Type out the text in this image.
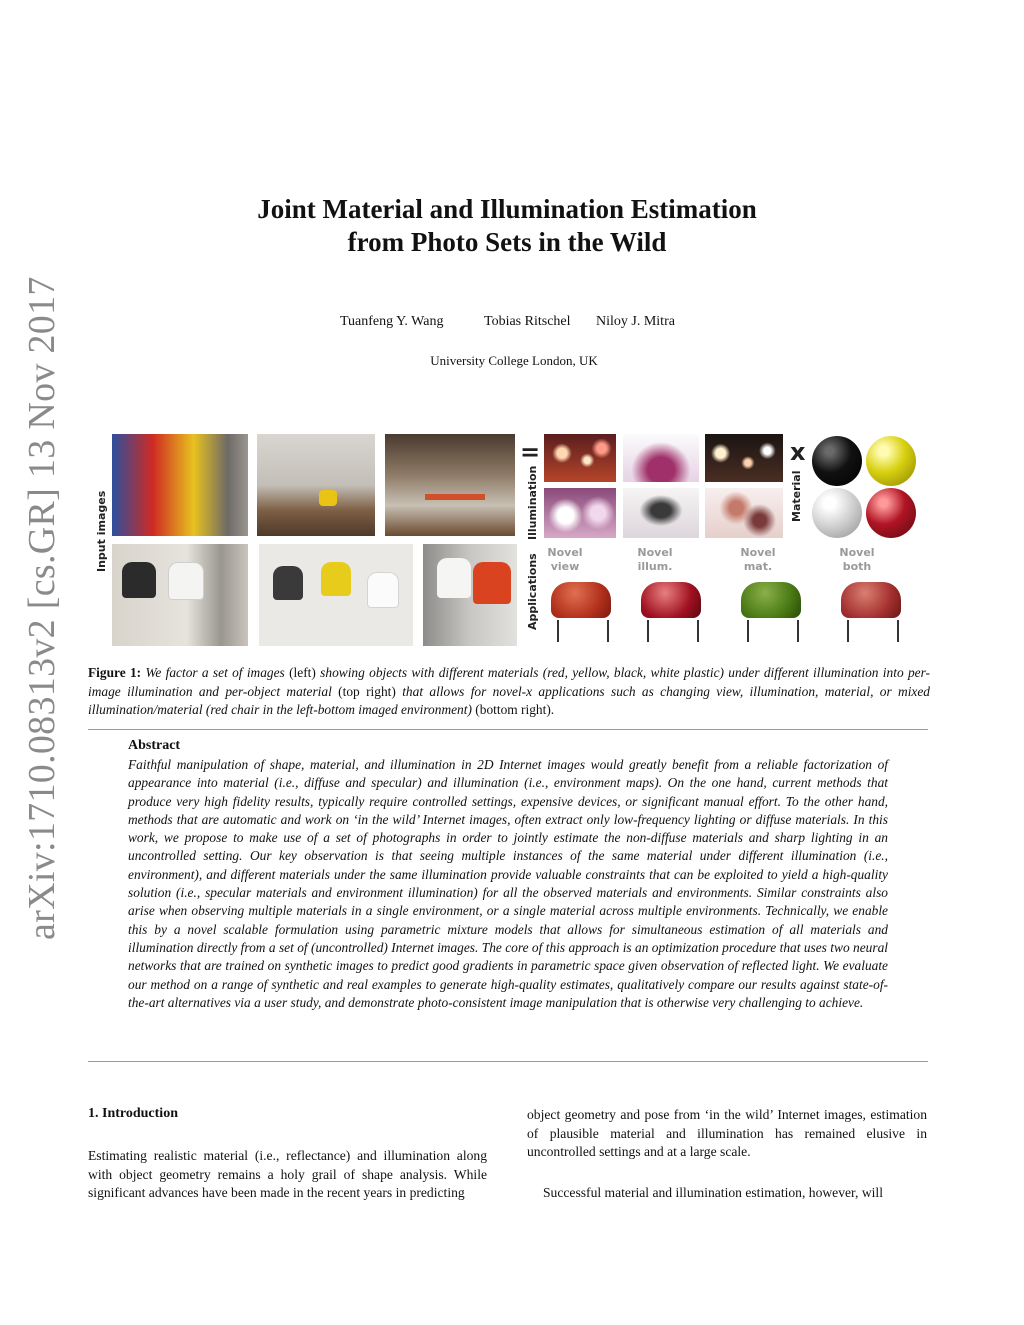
arXiv:1710.08313v2 [cs.GR] 13 Nov 2017
Joint Material and Illumination Estimation
from Photo Sets in the Wild
Tuanfeng Y. Wang	Tobias Ritschel Niloy J. Mitra
University College London, UK
Input images
=
Illumination
x
Material
Applications
Novel
view
Novel
illum.
Novel
mat.
Novel
both
Figure 1: We factor a set of images (left) showing objects with different materials (red, yellow, black, white plastic) under different illumination into per-image illumination and per-object material (top right) that allows for novel-x applications such as changing view, illumination, material, or mixed illumination/material (red chair in the left-bottom imaged environment) (bottom right).
Abstract
Faithful manipulation of shape, material, and illumination in 2D Internet images would greatly benefit from a reliable factorization of appearance into material (i.e., diffuse and specular) and illumination (i.e., environment maps). On the one hand, current methods that produce very high fidelity results, typically require controlled settings, expensive devices, or significant manual effort. To the other hand, methods that are automatic and work on ‘in the wild’ Internet images, often extract only low-frequency lighting or diffuse materials. In this work, we propose to make use of a set of photographs in order to jointly estimate the non-diffuse materials and sharp lighting in an uncontrolled setting. Our key observation is that seeing multiple instances of the same material under different illumination (i.e., environment), and different materials under the same illumination provide valuable constraints that can be exploited to yield a high-quality solution (i.e., specular materials and environment illumination) for all the observed materials and environments. Similar constraints also arise when observing multiple materials in a single environment, or a single material across multiple environments. Technically, we enable this by a novel scalable formulation using parametric mixture models that allows for simultaneous estimation of all materials and illumination directly from a set of (uncontrolled) Internet images. The core of this approach is an optimization procedure that uses two neural networks that are trained on synthetic images to predict good gradients in parametric space given observation of reflected light. We evaluate our method on a range of synthetic and real examples to generate high-quality estimates, qualitatively compare our results against state-of-the-art alternatives via a user study, and demonstrate photo-consistent image manipulation that is otherwise very challenging to achieve.
1. Introduction
Estimating realistic material (i.e., reflectance) and illumination along with object geometry remains a holy grail of shape analysis. While significant advances have been made in the recent years in predicting
object geometry and pose from ‘in the wild’ Internet images, estimation of plausible material and illumination has remained elusive in uncontrolled settings and at a large scale.
Successful material and illumination estimation, however, will
